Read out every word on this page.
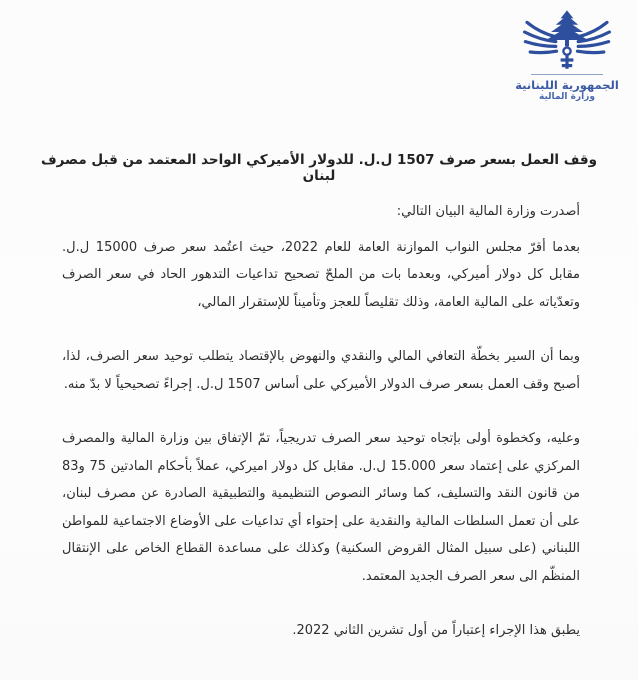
الجمهورية اللبنانية
وزارة المالية
وقف العمل بسعر صرف 1507 ل.ل. للدولار الأميركي الواحد المعتمد من قبل مصرف لبنان

أصدرت وزارة المالية البيان التالي:

بعدما أقرّ مجلس النواب الموازنة العامة للعام 2022، حيث اعتُمد سعر صرف 15000 ل.ل. مقابل كل دولار أميركي، وبعدما بات من الملحّ تصحيح تداعيات التدهور الحاد في سعر الصرف وتعدّياته على المالية العامة، وذلك تقليصاً للعجز وتأميناً للإستقرار المالي،

وبما أن السير بخطّة التعافي المالي والنقدي والنهوض بالإقتصاد يتطلب توحيد سعر الصرف، لذا، أصبح وقف العمل بسعر صرف الدولار الأميركي على أساس 1507 ل.ل. إجراءً تصحيحياً لا بدّ منه.

وعليه، وكخطوة أولى بإتجاه توحيد سعر الصرف تدريجياً، تمّ الإتفاق بين وزارة المالية والمصرف المركزي على إعتماد سعر 15.000 ل.ل. مقابل كل دولار اميركي، عملاً بأحكام المادتين 75 و83 من قانون النقد والتسليف، كما وسائر النصوص التنظيمية والتطبيقية الصادرة عن مصرف لبنان، على أن تعمل السلطات المالية والنقدية على إحتواء أي تداعيات على الأوضاع الاجتماعية للمواطن اللبناني (على سبيل المثال القروض السكنية) وكذلك على مساعدة القطاع الخاص على الإنتقال المنظّم الى سعر الصرف الجديد المعتمد.

يطبق هذا الإجراء إعتباراً من أول تشرين الثاني 2022.
